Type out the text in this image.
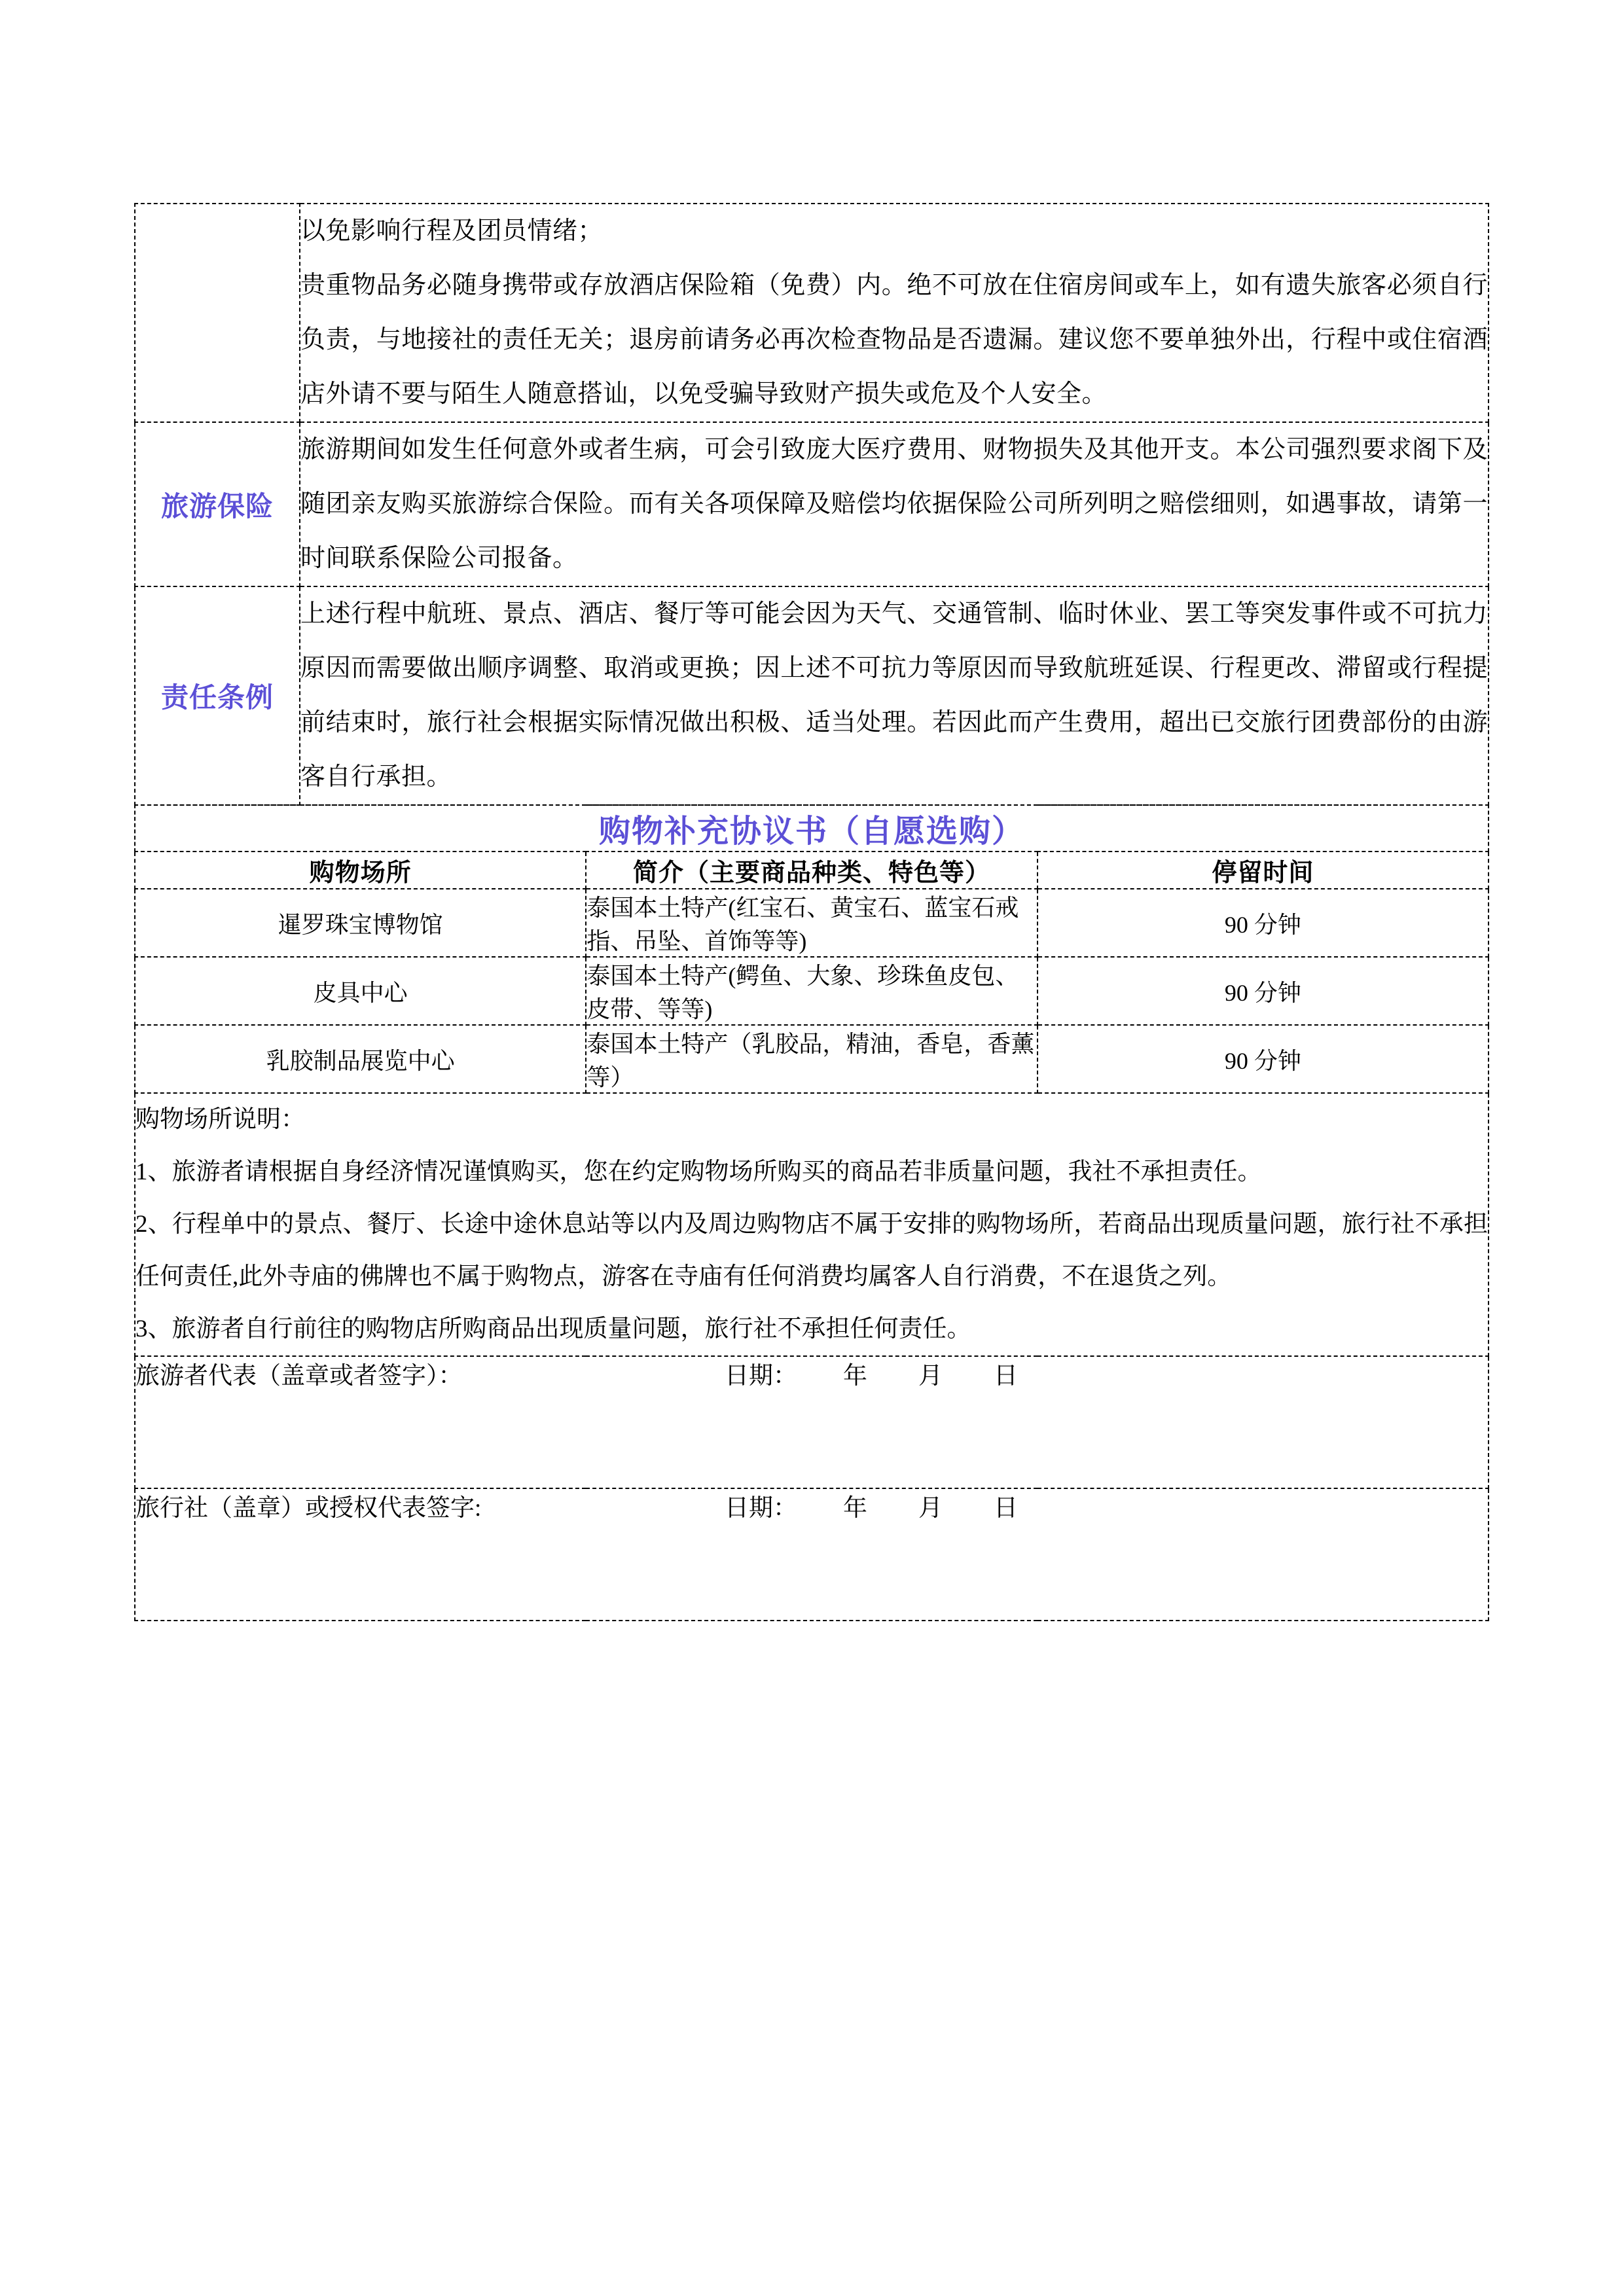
	以免影响行程及团员情绪；

贵重物品务必随身携带或存放酒店保险箱（免费）内。绝不可放在住宿房间或车上，如有遗失旅客必须自行负责，与地接社的责任无关；退房前请务必再次检查物品是否遗漏。建议您不要单独外出，行程中或住宿酒店外请不要与陌生人随意搭讪，以免受骗导致财产损失或危及个人安全。

旅游保险	旅游期间如发生任何意外或者生病，可会引致庞大医疗费用、财物损失及其他开支。本公司强烈要求阁下及随团亲友购买旅游综合保险。而有关各项保障及赔偿均依据保险公司所列明之赔偿细则，如遇事故，请第一时间联系保险公司报备。

责任条例	上述行程中航班、景点、酒店、餐厅等可能会因为天气、交通管制、临时休业、罢工等突发事件或不可抗力原因而需要做出顺序调整、取消或更换；因上述不可抗力等原因而导致航班延误、行程更改、滞留或行程提前结束时，旅行社会根据实际情况做出积极、适当处理。若因此而产生费用，超出已交旅行团费部份的由游客自行承担。

购物补充协议书（自愿选购）		
购物场所	简介（主要商品种类、特色等）	停留时间
暹罗珠宝博物馆	泰国本土特产(红宝石、黄宝石、蓝宝石戒指、吊坠、首饰等等)	90 分钟
皮具中心	泰国本土特产(鳄鱼、大象、珍珠鱼皮包、皮带、等等)	90 分钟
乳胶制品展览中心	泰国本土特产（乳胶品，精油，香皂，香薰等）	90 分钟

购物场所说明：

1、旅游者请根据自身经济情况谨慎购买，您在约定购物场所购买的商品若非质量问题，我社不承担责任。

2、行程单中的景点、餐厅、长途中途休息站等以内及周边购物店不属于安排的购物场所，若商品出现质量问题，旅行社不承担任何责任,此外寺庙的佛牌也不属于购物点，游客在寺庙有任何消费均属客人自行消费，不在退货之列。

3、旅游者自行前往的购物店所购商品出现质量问题，旅行社不承担任何责任。		

旅游者代表（盖章或者签字）： 日期： 年 月 日		

旅行社（盖章）或授权代表签字: 日期： 年 月 日		
